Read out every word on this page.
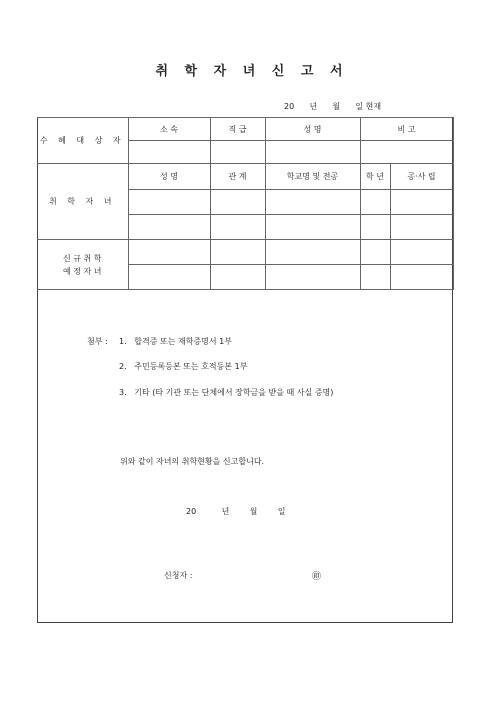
취 학 자 녀 신 고 서
20      년      월      일 현재
수 혜 대 상 자	소 속	직 급	성 명	비 고	

취 학 자 녀	성 명	관 계	학교명 및 전공	학 년	공·사 립

신 규 취 학
예 정 자 녀					

첨부 : 1.   합격증 또는 재학증명서 1부
2.   주민등록등본 또는 호적등본 1부
3.   기타 (타 기관 또는 단체에서 장학금을 받을 때 사실 증명)
위와 같이 자녀의 취학현황을 신고합니다.
20          년        월        일
신청자 :	㊞
